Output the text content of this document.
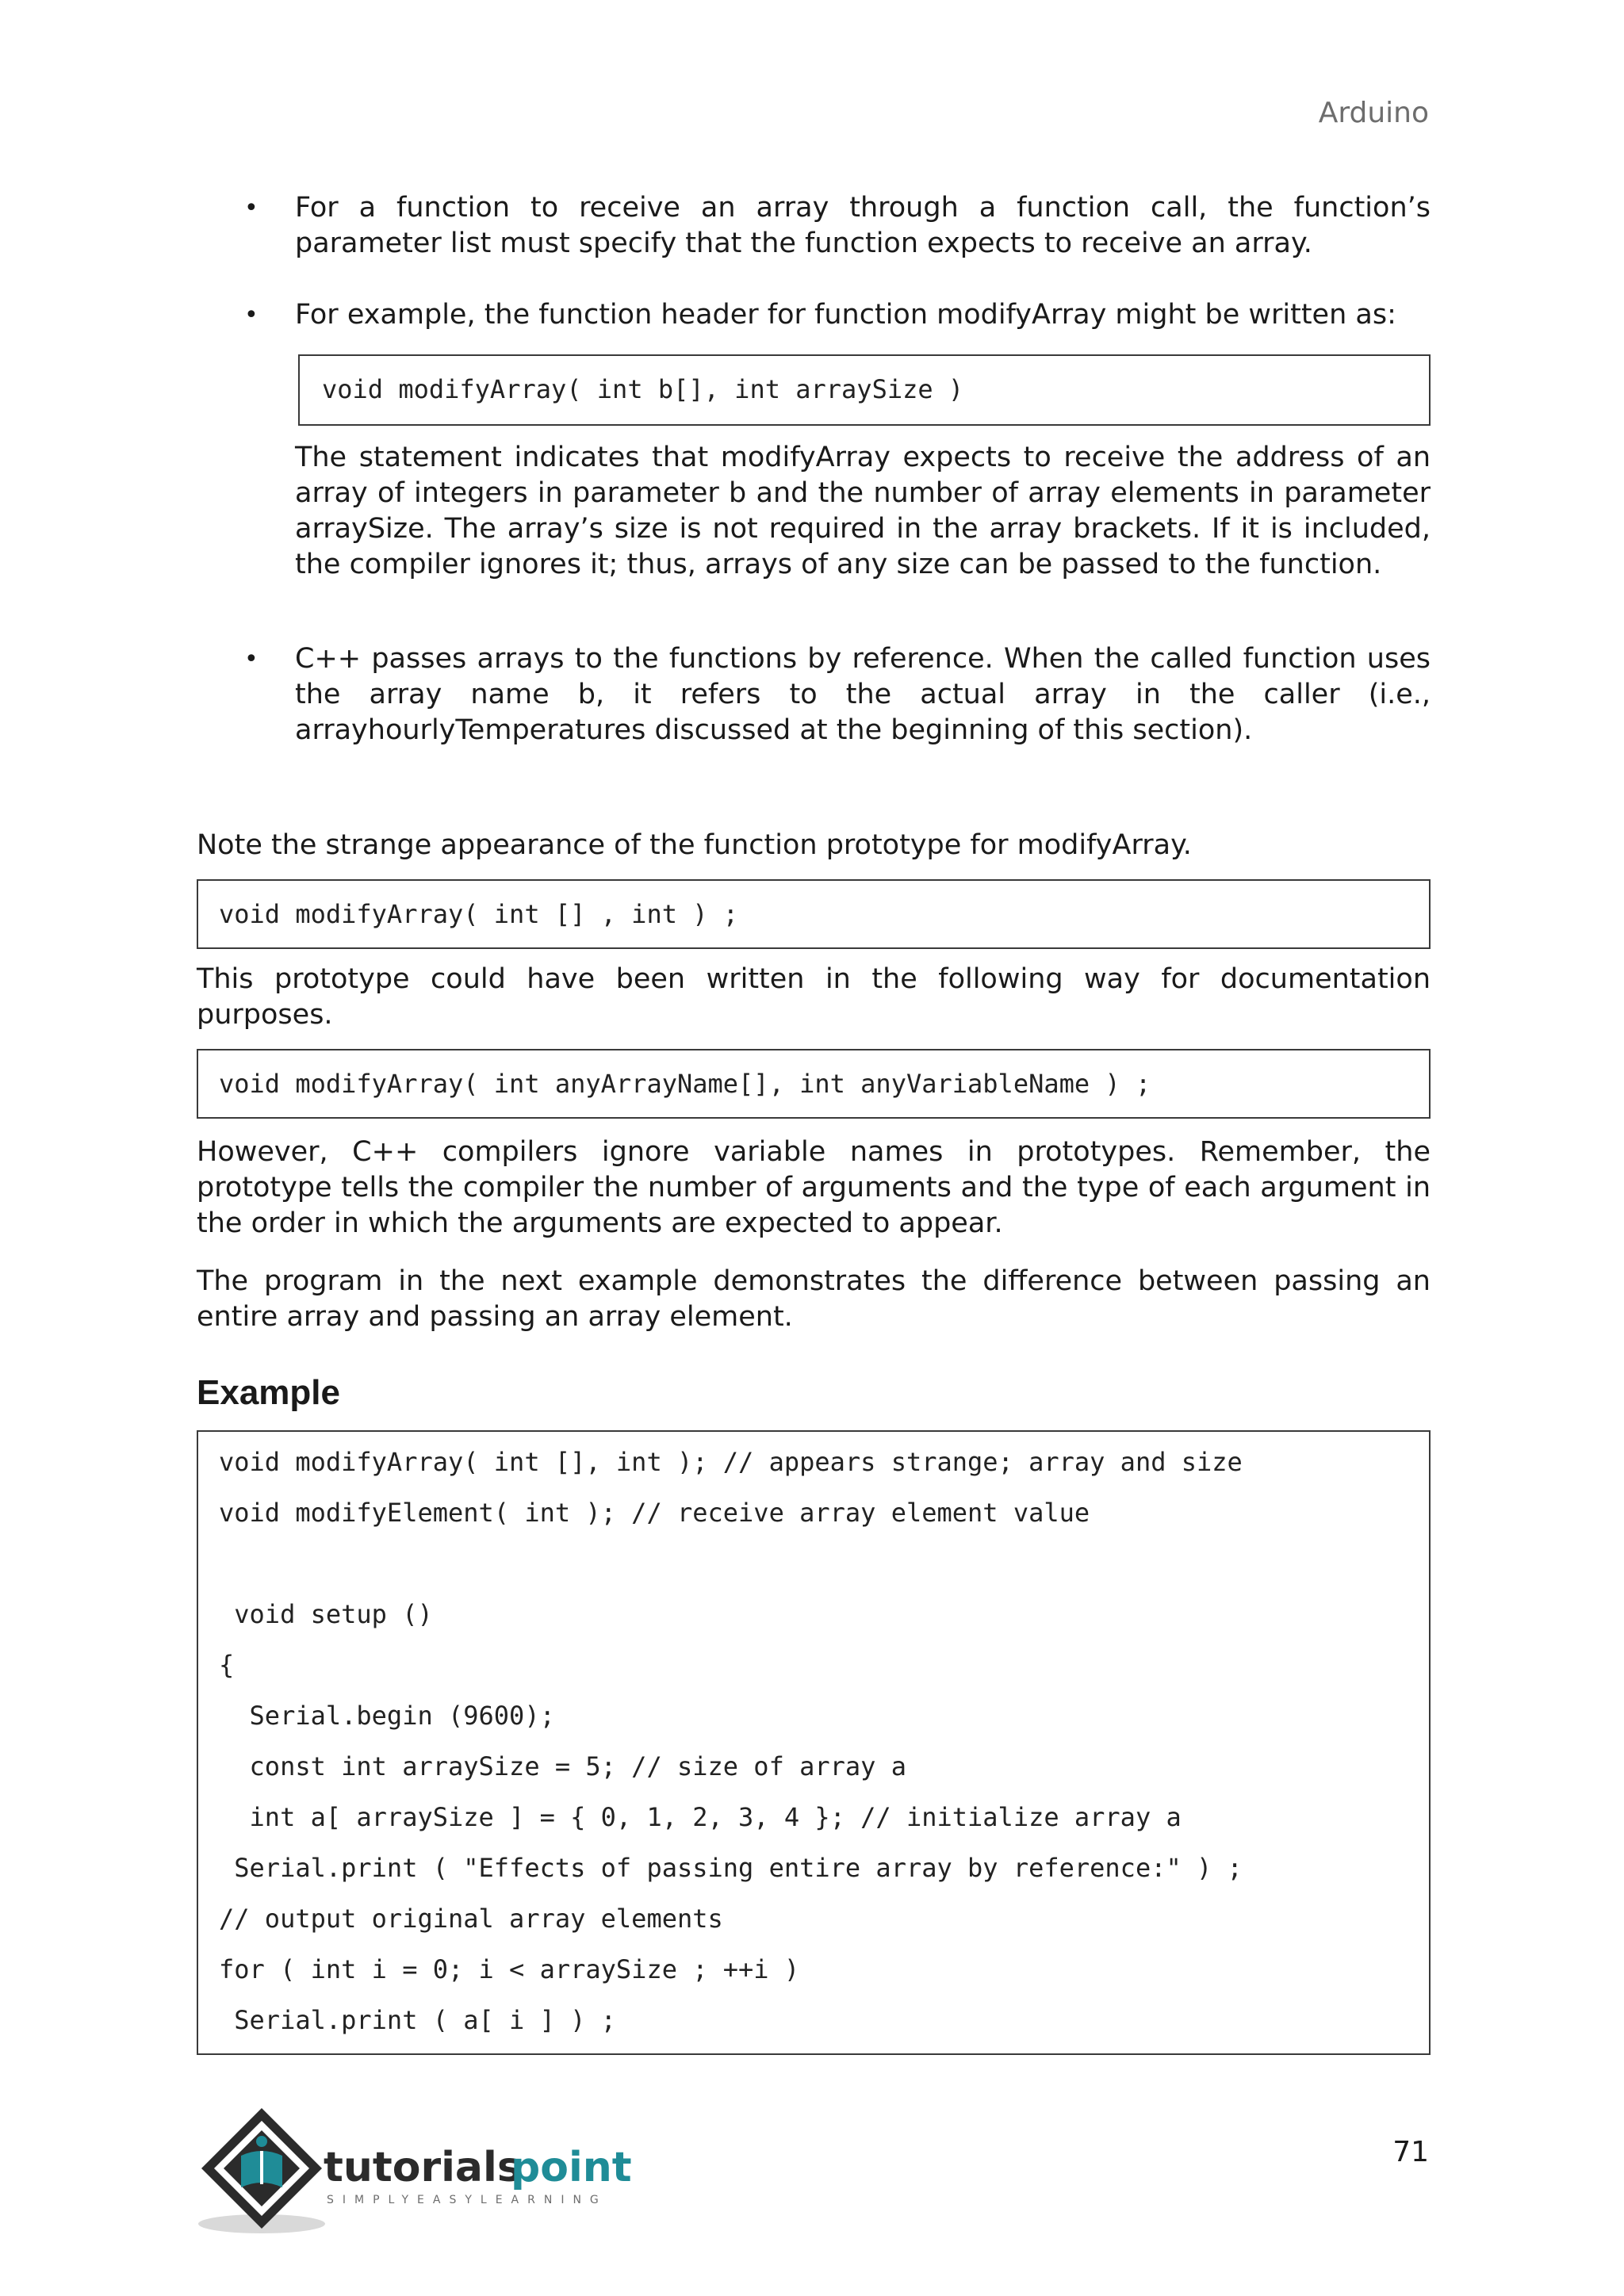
Arduino
• For a function to receive an array through a function call, the function’s parameter list must specify that the function expects to receive an array.
• For example, the function header for function modifyArray might be written as:
void modifyArray( int b[], int arraySize )

The statement indicates that modifyArray expects to receive the address of an array of integers in parameter b and the number of array elements in parameter arraySize. The array’s size is not required in the array brackets. If it is included, the compiler ignores it; thus, arrays of any size can be passed to the function.

• C++ passes arrays to the functions by reference. When the called function uses the array name b, it refers to the actual array in the caller (i.e., arrayhourlyTemperatures discussed at the beginning of this section).

Note the strange appearance of the function prototype for modifyArray.

void modifyArray( int [] , int ) ;

This prototype could have been written in the following way for documentation purposes.

void modifyArray( int anyArrayName[], int anyVariableName ) ;

However, C++ compilers ignore variable names in prototypes. Remember, the prototype tells the compiler the number of arguments and the type of each argument in the order in which the arguments are expected to appear.

The program in the next example demonstrates the difference between passing an entire array and passing an array element.

Example
void modifyArray( int [], int ); // appears strange; array and size
void modifyElement( int ); // receive array element value
void setup ()
{
Serial.begin (9600);
const int arraySize = 5; // size of array a
int a[ arraySize ] = { 0, 1, 2, 3, 4 }; // initialize array a
Serial.print ( "Effects of passing entire array by reference:" ) ;
// output original array elements
for ( int i = 0; i < arraySize ; ++i )
Serial.print ( a[ i ] ) ;
tutorials
point
SIMPLYEASYLEARNING
71
